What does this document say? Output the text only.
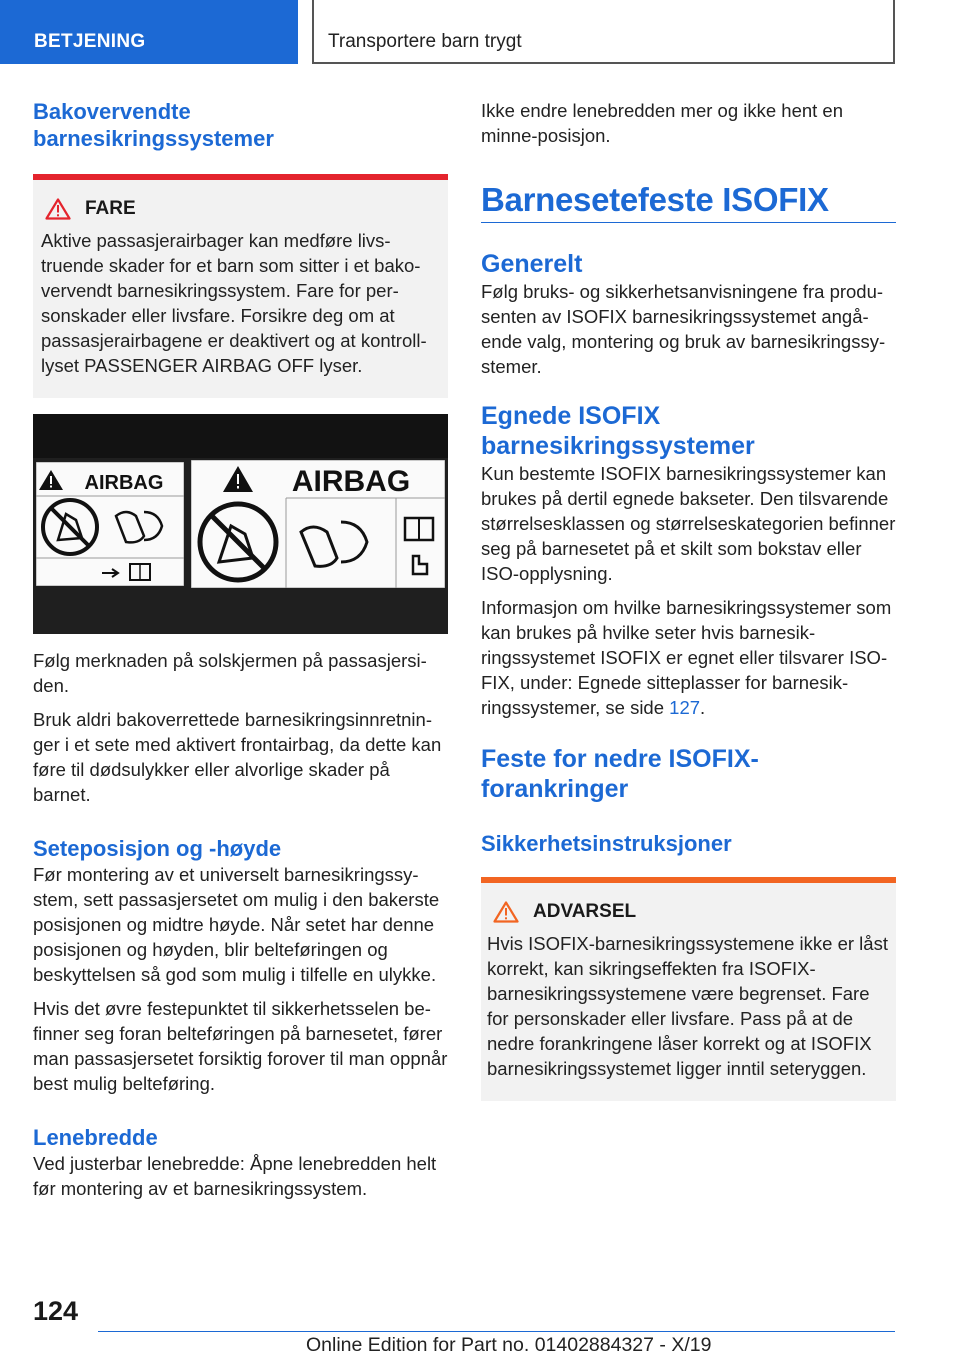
BETJENING	Transportere barn trygt
Bakovervendte barnesikringssystemer
FARE

Aktive passasjerairbager kan medføre livstruende skader for et barn som sitter i et bakovervendt barnesikringssystem. Fare for personskader eller livsfare. Forsikre deg om at passasjerairbagene er deaktivert og at kontrolllyset PASSENGER AIRBAG OFF lyser.

AIRBAG	AIRBAG

Følg merknaden på solskjermen på passasjersiden.

Bruk aldri bakoverrettede barnesikringsinnretninger i et sete med aktivert frontairbag, da dette kan føre til dødsulykker eller alvorlige skader på barnet.

Seteposisjon og -høyde

Før montering av et universelt barnesikringssystem, sett passasjersetet om mulig i den bakerste posisjonen og midtre høyde. Når setet har denne posisjonen og høyden, blir belteføringen og beskyttelsen så god som mulig i tilfelle en ulykke.

Hvis det øvre festepunktet til sikkerhetsselen befinner seg foran belteføringen på barnesetet, fører man passasjersetet forsiktig forover til man oppnår best mulig belteføring.

Lenebredde

Ved justerbar lenebredde: Åpne lenebredden helt før montering av et barnesikringssystem.

Ikke endre lenebredden mer og ikke hent en minne-posisjon.

Barnesetefeste ISOFIX
Generelt

Følg bruks- og sikkerhetsanvisningene fra produsenten av ISOFIX barnesikringssystemet angående valg, montering og bruk av barnesikringssystemer.

Egnede ISOFIX barnesikringssystemer

Kun bestemte ISOFIX barnesikringssystemer kan brukes på dertil egnede bakseter. Den tilsvarende størrelsesklassen og størrelseskategorien befinner seg på barnesetet på et skilt som bokstav eller ISO-opplysning.

Informasjon om hvilke barnesikringssystemer som kan brukes på hvilke seter hvis barnesikringssystemet ISOFIX er egnet eller tilsvarer ISOFIX, under: Egnede sitteplasser for barnesikringssystemer, se side 127.

Feste for nedre ISOFIX-forankringer
Sikkerhetsinstruksjoner
ADVARSEL

Hvis ISOFIX-barnesikringssystemene ikke er låst korrekt, kan sikringseffekten fra ISOFIX-barnesikringssystemene være begrenset. Fare for personskader eller livsfare. Pass på at de nedre forankringene låser korrekt og at ISOFIX barnesikringssystemet ligger inntil seteryggen.

124
Online Edition for Part no. 01402884327 - X/19
